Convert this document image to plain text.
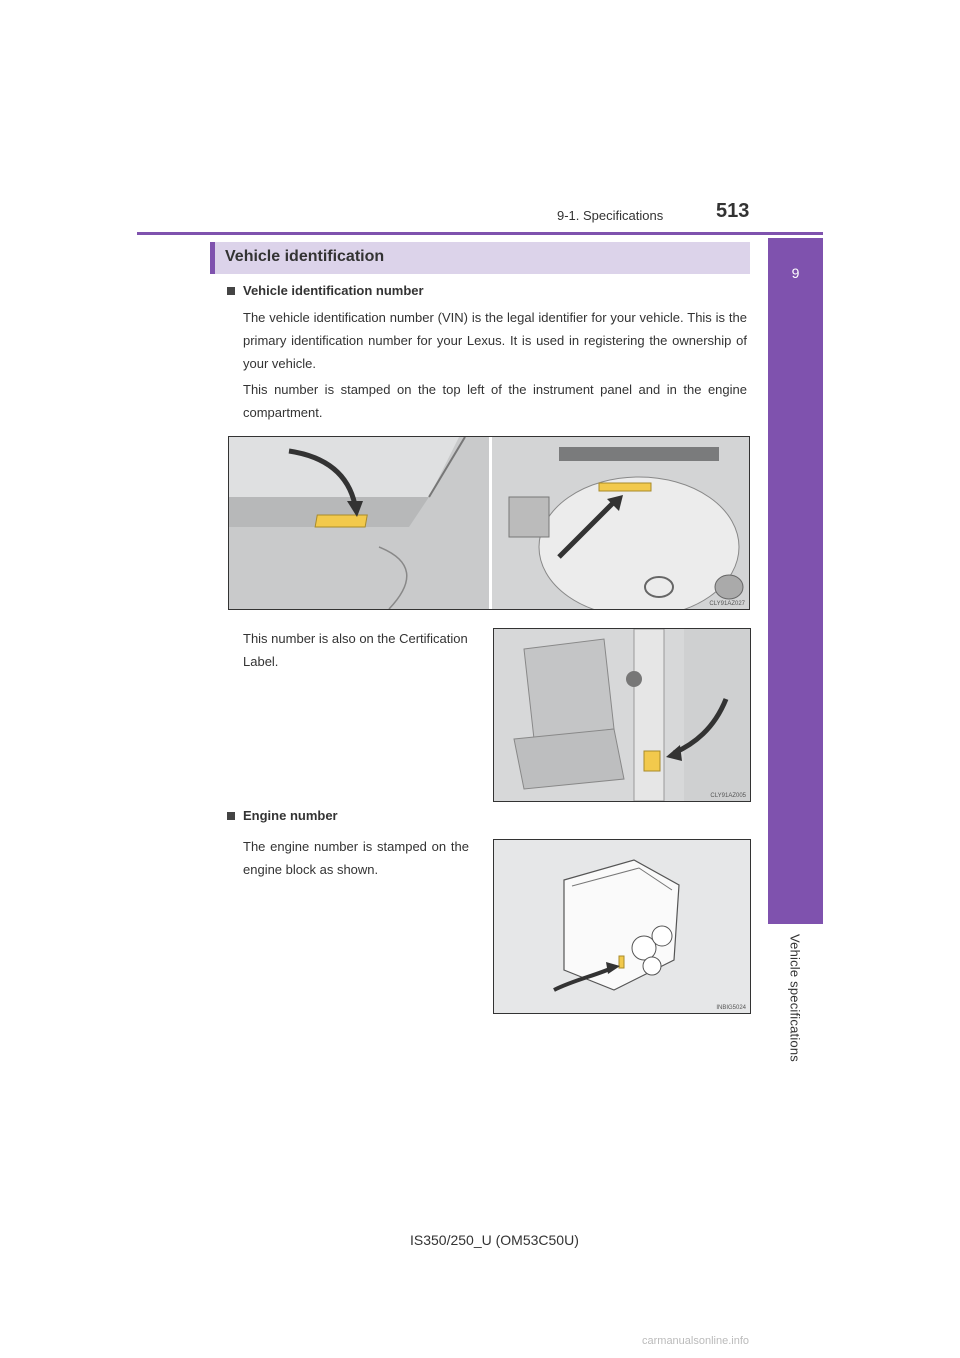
9-1. Specifications	513
9
Vehicle specifications
Vehicle identification
Vehicle identification number
The vehicle identification number (VIN) is the legal identifier for your vehicle. This is the primary identification number for your Lexus. It is used in registering the ownership of your vehicle.
This number is stamped on the top left of the instrument panel and in the engine compartment.
CLY91AZ027
This number is also on the Certification Label.
CLY91AZ005
Engine number
The engine number is stamped on the engine block as shown.
INBIG5024
IS350/250_U (OM53C50U)
carmanualsonline.info
